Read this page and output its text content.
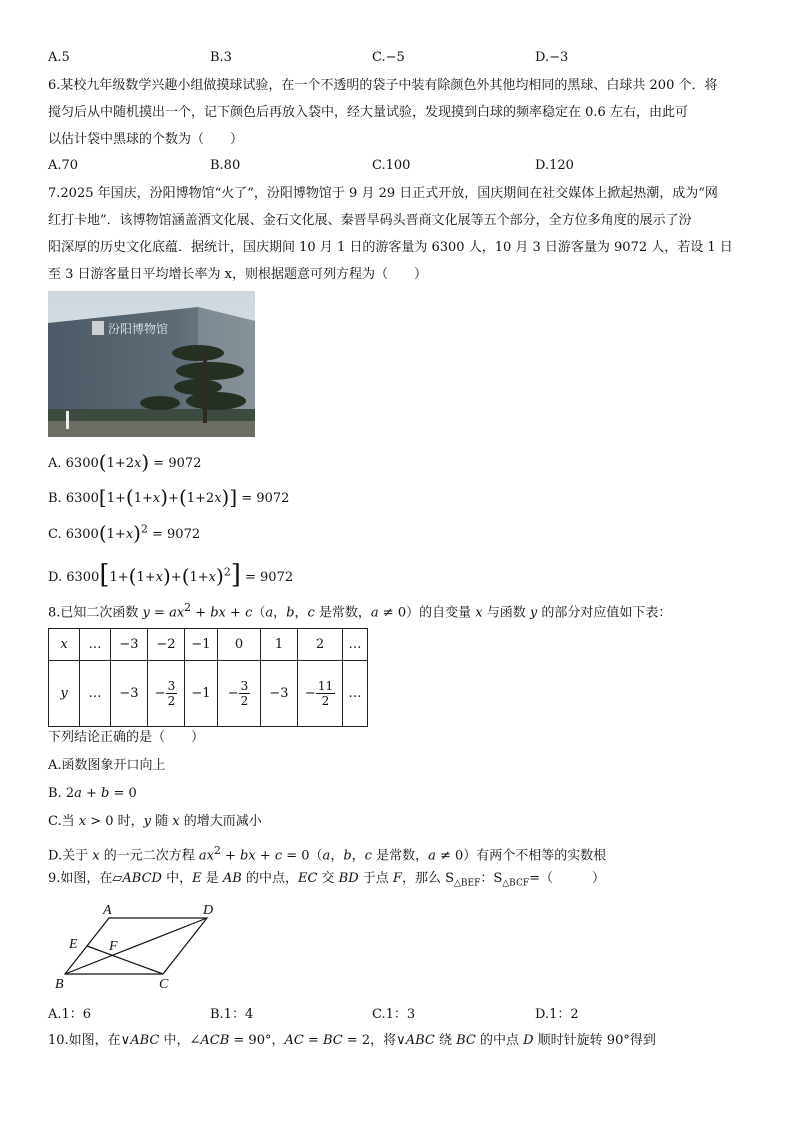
A.5	B.3	C.−5	D.−3
6.某校九年级数学兴趣小组做摸球试验，在一个不透明的袋子中装有除颜色外其他均相同的黑球、白球共 200 个．将
搅匀后从中随机摸出一个，记下颜色后再放入袋中，经大量试验，发现摸到白球的频率稳定在 0.6 左右，由此可
以估计袋中黑球的个数为（　　）
A.70	B.80	C.100	D.120
7.2025 年国庆，汾阳博物馆“火了”，汾阳博物馆于 9 月 29 日正式开放，国庆期间在社交媒体上掀起热潮，成为“网
红打卡地”．该博物馆涵盖酒文化展、金石文化展、秦晋旱码头晋商文化展等五个部分，全方位多角度的展示了汾
阳深厚的历史文化底蕴．据统计，国庆期间 10 月 1 日的游客量为 6300 人，10 月 3 日游客量为 9072 人，若设 1 日
至 3 日游客量日平均增长率为 x，则根据题意可列方程为（　　）
汾阳博物馆
A. 6300(1+2x) = 9072
B. 6300[1+(1+x)+(1+2x)] = 9072
C. $6300(1+x)^2 = 9072$
D. $6300[1+(1+x)+(1+x)^2] = 9072$
8.已知二次函数 $y = ax^2$ + bx + c（a，b，c 是常数，a ≠ 0）的自变量 x 与函数 y 的部分对应值如下表：
x	…	−3	−2	−1	0	1	2	…
y	…	−3	− $\frac{3}{2}$	−1	− $\frac{3}{2}$	−3	− $\frac{11}{2}$	…
下列结论正确的是（　　）
A.函数图象开口向上
B. 2a + b = 0
C.当 x > 0 时，y 随 x 的增大而减小
D.关于 x 的一元二次方程 $ax^2$ + bx + c = 0（a，b，c 是常数，a ≠ 0）有两个不相等的实数根
9.如图，在▱ABCD 中，E 是 AB 的中点，EC 交 BD 于点 F，那么 $S_{\triangle BEF}$：$S_{\triangle BCF}=$（　　　）
A	D
E F
B	C
A.1：6	B.1：4	C.1：3	D.1：2
10.如图，在∨ABC 中，∠ACB = 90°，AC = BC = 2，将∨ABC 绕 BC 的中点 D 顺时针旋转 90°得到
